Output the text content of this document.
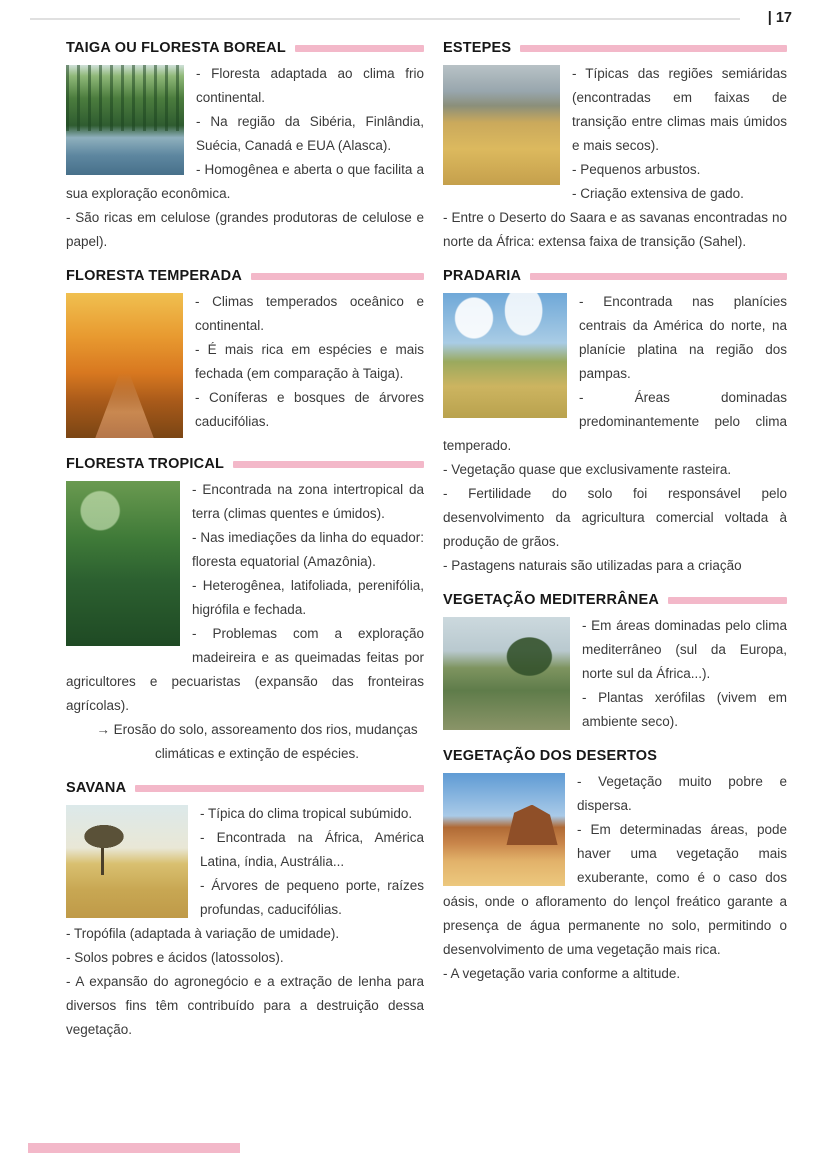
| 17
TAIGA OU FLORESTA BOREAL

- Floresta adaptada ao clima frio continental.

- Na região da Sibéria, Finlândia, Suécia, Canadá e EUA (Alasca).

- Homogênea e aberta o que facilita a sua exploração econômica.

- São ricas em celulose (grandes produtoras de celulose e papel).

FLORESTA TEMPERADA

- Climas temperados oceânico e continental.

- É mais rica em espécies e mais fechada (em comparação à Taiga).

- Coníferas e bosques de árvores caducifólias.

FLORESTA TROPICAL

- Encontrada na zona intertropical da terra (climas quentes e úmidos).

- Nas imediações da linha do equador: floresta equatorial (Amazônia).

- Heterogênea, latifoliada, perenifólia, higrófila e fechada.

- Problemas com a exploração madeireira e as queimadas feitas por agricultores e pecuaristas (expansão das fronteiras agrícolas).

→ Erosão do solo, assoreamento dos rios, mudanças climáticas e extinção de espécies.

SAVANA

- Típica do clima tropical subúmido.

- Encontrada na África, América Latina, índia, Austrália...

- Árvores de pequeno porte, raízes profundas, caducifólias.

- Tropófila (adaptada à variação de umidade).

- Solos pobres e ácidos (latossolos).

- A expansão do agronegócio e a extração de lenha para diversos fins têm contribuído para a destruição dessa vegetação.

ESTEPES

- Típicas das regiões semiáridas (encontradas em faixas de transição entre climas mais úmidos e mais secos).

- Pequenos arbustos.

- Criação extensiva de gado.

- Entre o Deserto do Saara e as savanas encontradas no norte da África: extensa faixa de transição (Sahel).

PRADARIA

- Encontrada nas planícies centrais da América do norte, na planície platina na região dos pampas.

- Áreas dominadas predominantemente pelo clima temperado.

- Vegetação quase que exclusivamente rasteira.

- Fertilidade do solo foi responsável pelo desenvolvimento da agricultura comercial voltada à produção de grãos.

- Pastagens naturais são utilizadas para a criação

VEGETAÇÃO MEDITERRÂNEA

- Em áreas dominadas pelo clima mediterrâneo (sul da Europa, norte sul da África...).

- Plantas xerófilas (vivem em ambiente seco).

VEGETAÇÃO DOS DESERTOS

- Vegetação muito pobre e dispersa.

- Em determinadas áreas, pode haver uma vegetação mais exuberante, como é o caso dos oásis, onde o afloramento do lençol freático garante a presença de água permanente no solo, permitindo o desenvolvimento de uma vegetação mais rica.

- A vegetação varia conforme a altitude.
